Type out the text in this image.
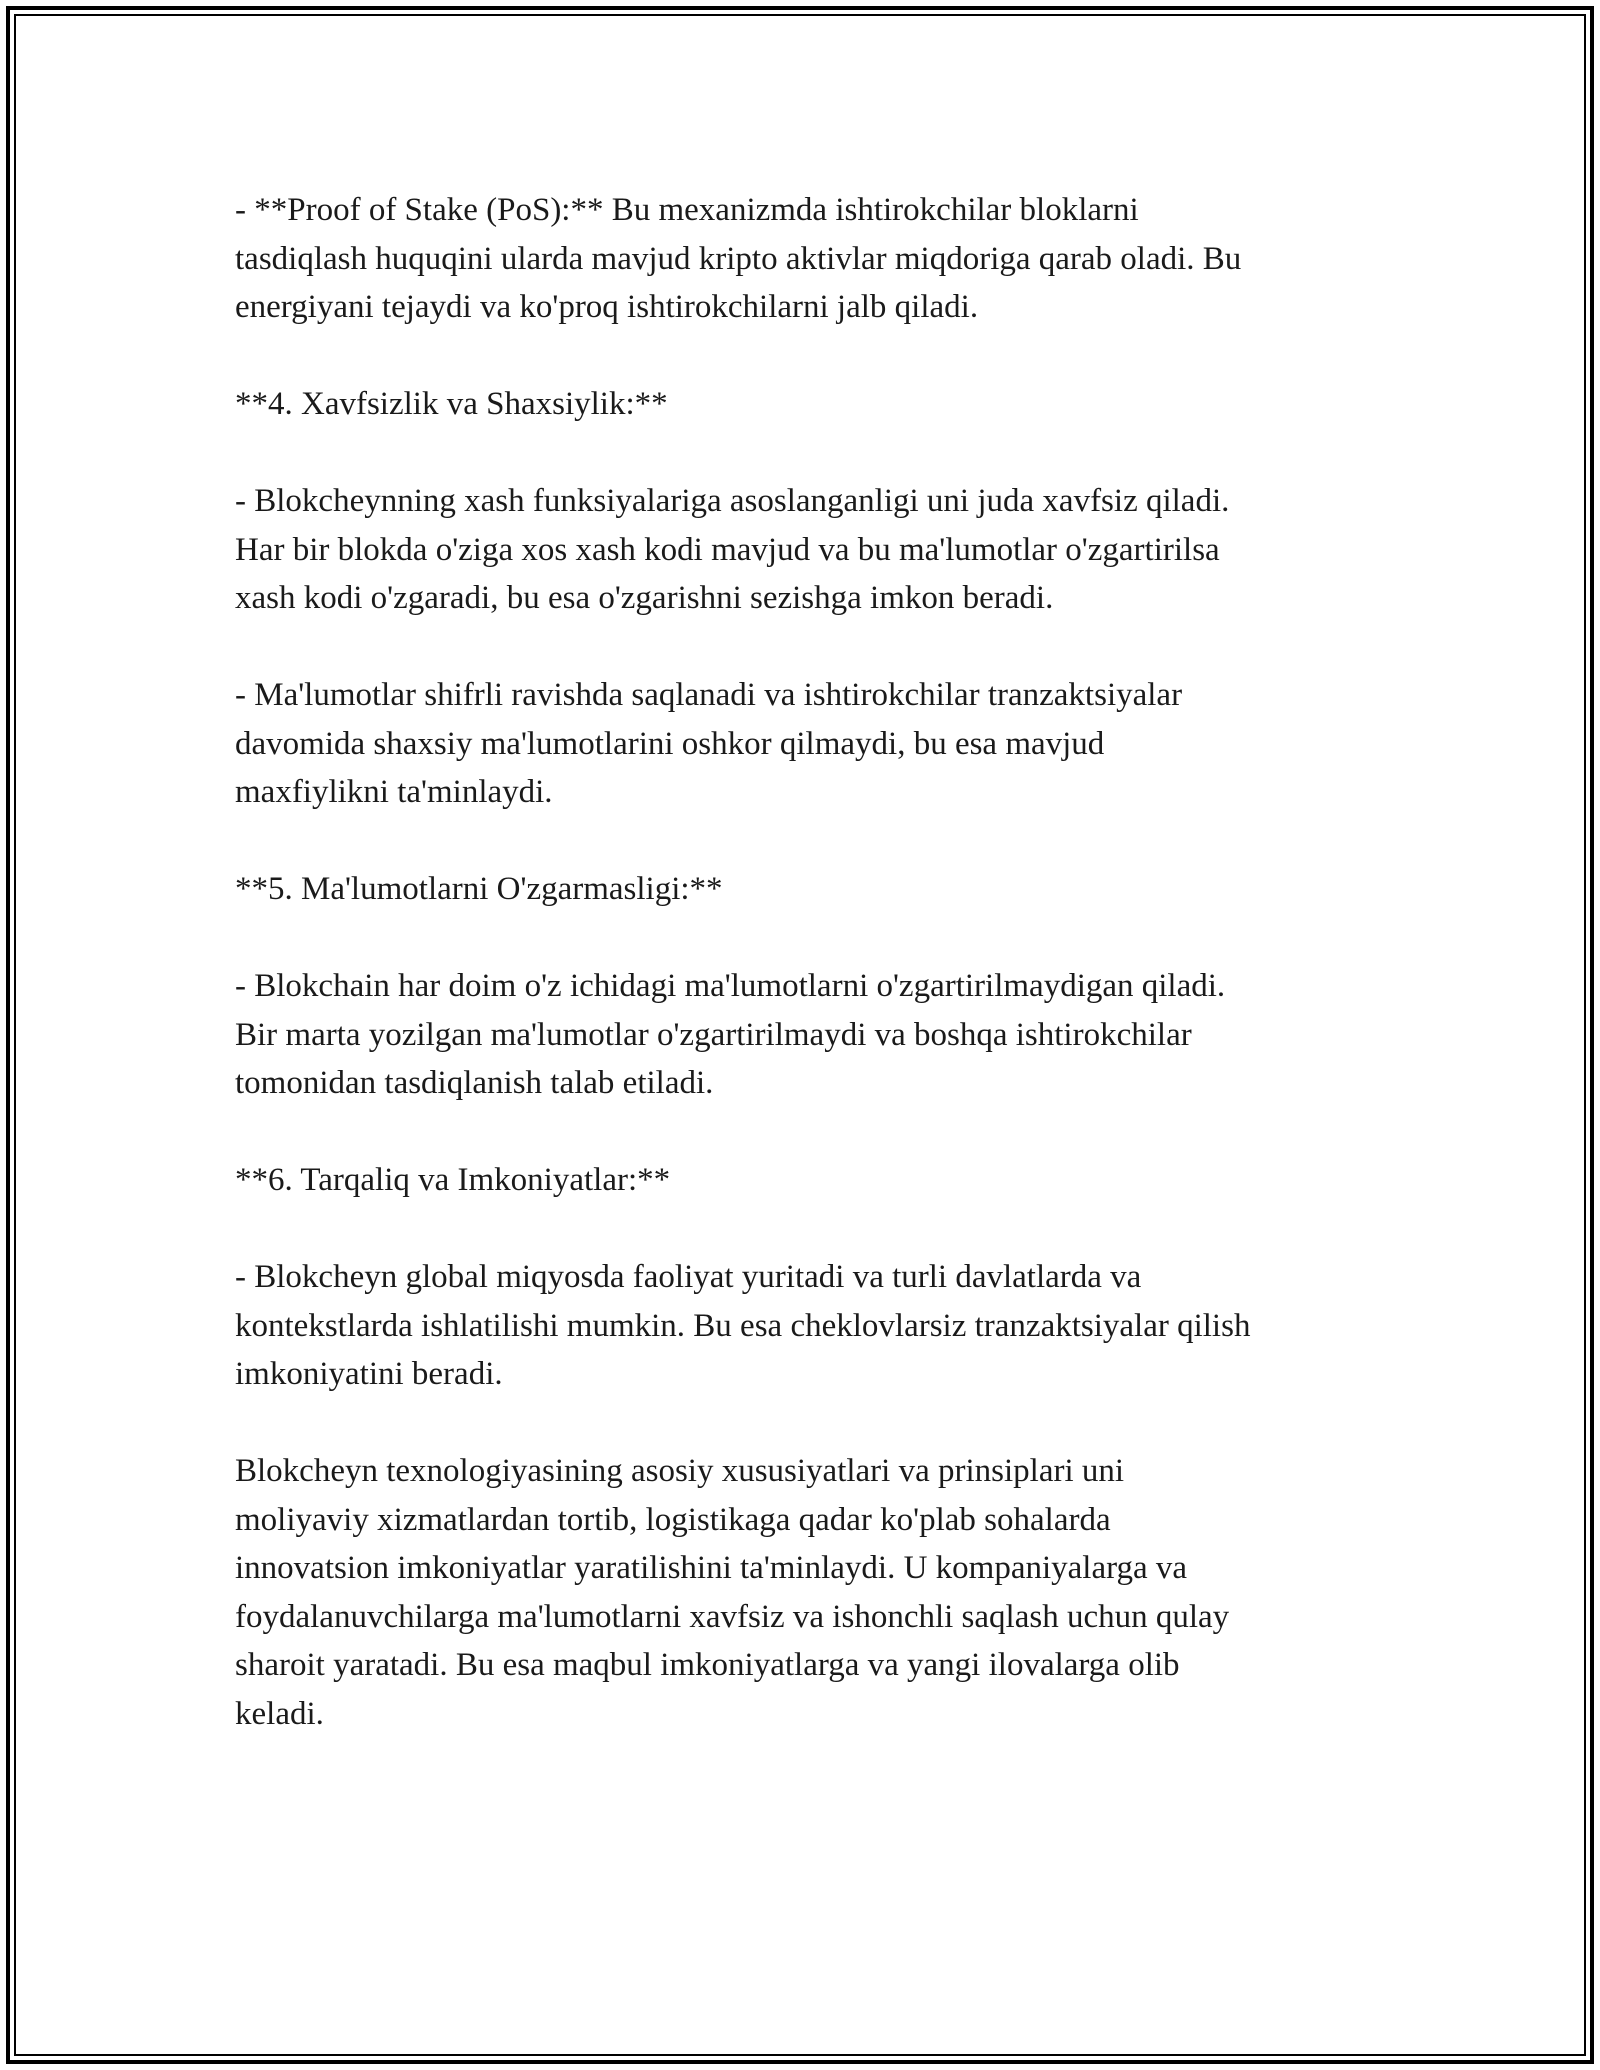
- **Proof of Stake (PoS):** Bu mexanizmda ishtirokchilar bloklarni
tasdiqlash huquqini ularda mavjud kripto aktivlar miqdoriga qarab oladi. Bu
energiyani tejaydi va ko'proq ishtirokchilarni jalb qiladi.

**4. Xavfsizlik va Shaxsiylik:**

- Blokcheynning xash funksiyalariga asoslanganligi uni juda xavfsiz qiladi.
Har bir blokda o'ziga xos xash kodi mavjud va bu ma'lumotlar o'zgartirilsa
xash kodi o'zgaradi, bu esa o'zgarishni sezishga imkon beradi.

- Ma'lumotlar shifrli ravishda saqlanadi va ishtirokchilar tranzaktsiyalar
davomida shaxsiy ma'lumotlarini oshkor qilmaydi, bu esa mavjud
maxfiylikni ta'minlaydi.

**5. Ma'lumotlarni O'zgarmasligi:**

- Blokchain har doim o'z ichidagi ma'lumotlarni o'zgartirilmaydigan qiladi.
Bir marta yozilgan ma'lumotlar o'zgartirilmaydi va boshqa ishtirokchilar
tomonidan tasdiqlanish talab etiladi.

**6. Tarqaliq va Imkoniyatlar:**

- Blokcheyn global miqyosda faoliyat yuritadi va turli davlatlarda va
kontekstlarda ishlatilishi mumkin. Bu esa cheklovlarsiz tranzaktsiyalar qilish
imkoniyatini beradi.

Blokcheyn texnologiyasining asosiy xususiyatlari va prinsiplari uni
moliyaviy xizmatlardan tortib, logistikaga qadar ko'plab sohalarda
innovatsion imkoniyatlar yaratilishini ta'minlaydi. U kompaniyalarga va
foydalanuvchilarga ma'lumotlarni xavfsiz va ishonchli saqlash uchun qulay
sharoit yaratadi. Bu esa maqbul imkoniyatlarga va yangi ilovalarga olib
keladi.
